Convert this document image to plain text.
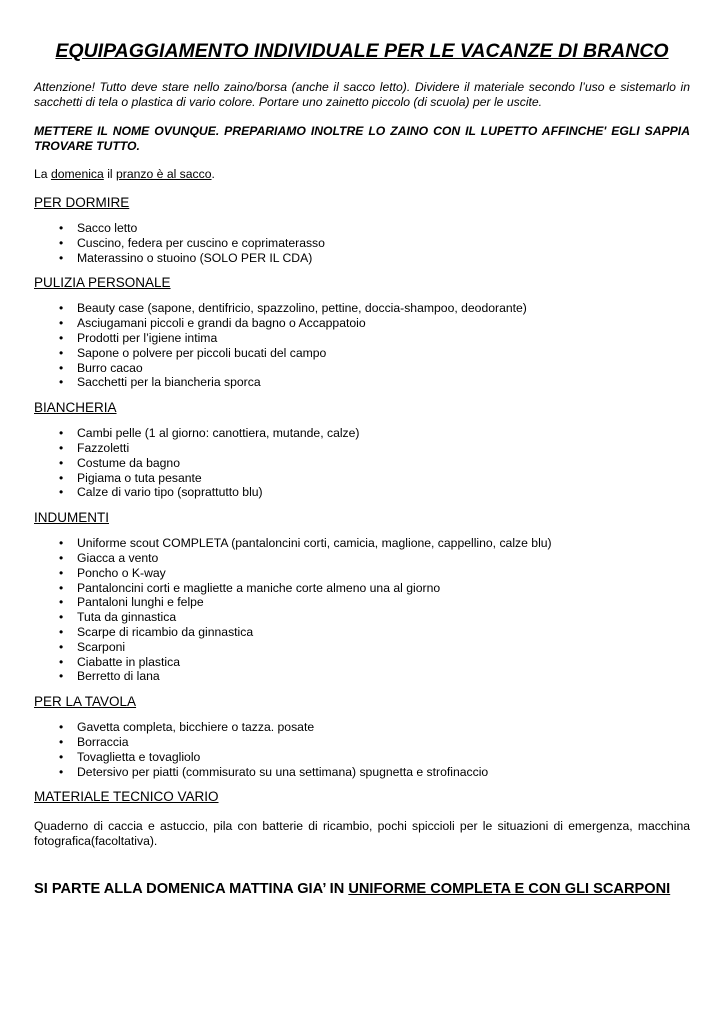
EQUIPAGGIAMENTO INDIVIDUALE PER LE VACANZE DI BRANCO

Attenzione! Tutto deve stare nello zaino/borsa (anche il sacco letto). Dividere il materiale secondo l’uso e sistemarlo in sacchetti di tela o plastica di vario colore. Portare uno zainetto piccolo (di scuola) per le uscite.

METTERE IL NOME OVUNQUE. PREPARIAMO INOLTRE LO ZAINO CON IL LUPETTO AFFINCHE' EGLI SAPPIA TROVARE TUTTO.

La domenica il pranzo è al sacco.

PER DORMIRE
• Sacco letto
• Cuscino, federa per cuscino e coprimaterasso
• Materassino o stuoino (SOLO PER IL CDA)
PULIZIA PERSONALE
• Beauty case (sapone, dentifricio, spazzolino, pettine, doccia-shampoo, deodorante)
• Asciugamani piccoli e grandi da bagno o Accappatoio
• Prodotti per l’igiene intima
• Sapone o polvere per piccoli bucati del campo
• Burro cacao
• Sacchetti per la biancheria sporca
BIANCHERIA
• Cambi pelle (1 al giorno: canottiera, mutande, calze)
• Fazzoletti
• Costume da bagno
• Pigiama o tuta pesante
• Calze di vario tipo (soprattutto blu)
INDUMENTI
• Uniforme scout COMPLETA (pantaloncini corti, camicia, maglione, cappellino, calze blu)
• Giacca a vento
• Poncho o K-way
• Pantaloncini corti e magliette a maniche corte almeno una al giorno
• Pantaloni lunghi e felpe
• Tuta da ginnastica
• Scarpe di ricambio da ginnastica
• Scarponi
• Ciabatte in plastica
• Berretto di lana
PER LA TAVOLA
• Gavetta completa, bicchiere o tazza. posate
• Borraccia
• Tovaglietta e tovagliolo
• Detersivo per piatti (commisurato su una settimana) spugnetta e strofinaccio
MATERIALE TECNICO VARIO

Quaderno di caccia e astuccio, pila con batterie di ricambio, pochi spiccioli per le situazioni di emergenza, macchina fotografica(facoltativa).

SI PARTE ALLA DOMENICA MATTINA GIA’ IN UNIFORME COMPLETA E CON GLI SCARPONI
